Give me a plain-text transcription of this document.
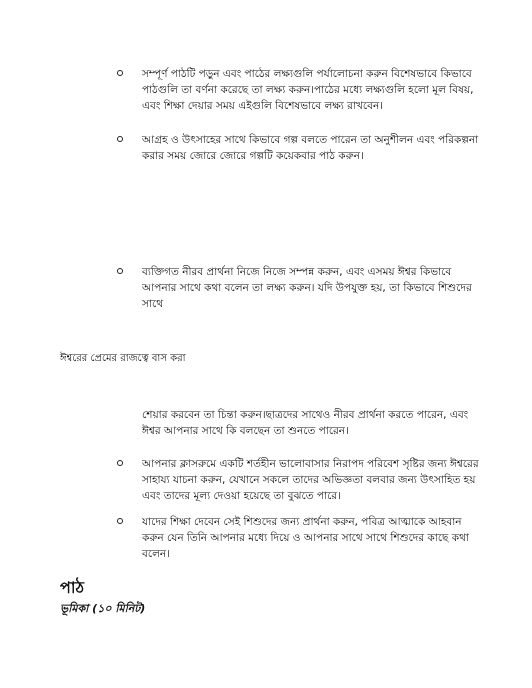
সম্পূর্ণ পাঠটি পড়ুন এবং পাঠের লক্ষ্যগুলি পর্যালোচনা করুন বিশেষভাবে কিভাবে পাঠগুলি তা বর্ণনা করেছে তা লক্ষ্য করুন।পাঠের মধ্যে লক্ষ্যগুলি হলো মূল বিষয়, এবং শিক্ষা দেয়ার সময় এইগুলি বিশেষভাবে লক্ষ্য রাখবেন।
আগ্রহ ও উৎসাহের সাথে কিভাবে গল্প বলতে পারেন তা অনুশীলন এবং পরিকল্পনা করার সময় জোরে জোরে গল্পটি কয়েকবার পাঠ করুন।
ব্যক্তিগত নীরব প্রার্থনা নিজে নিজে সম্পন্ন করুন, এবং এসময় ঈশ্বর কিভাবে আপনার সাথে কথা বলেন তা লক্ষ্য করুন। যদি উপযুক্ত হয়, তা কিভাবে শিশুদের সাথে
ঈশ্বরের প্রেমের রাজত্বে বাস করা
শেয়ার করবেন তা চিন্তা করুন।ছাত্রদের সাথেও নীরব প্রার্থনা করতে পারেন, এবং ঈশ্বর আপনার সাথে কি বলছেন তা শুনতে পারেন।
আপনার ক্লাসরুমে একটি শর্তহীন ভালোবাসার নিরাপদ পরিবেশ সৃষ্টির জন্য ঈশ্বরের সাহায্য যাচনা করুন, যেখানে সকলে তাদের অভিজ্ঞতা বলবার জন্য উৎসাহিত হয় এবং তাদের মূল্য দেওয়া হয়েছে তা বুঝতে পারে।
যাদের শিক্ষা দেবেন সেই শিশুদের জন্য প্রার্থনা করুন, পবিত্র আত্মাকে আহবান করুন যেন তিনি আপনার মধ্যে দিয়ে ও আপনার সাথে সাথে শিশুদের কাছে কথা বলেন।
পাঠ
ভূমিকা (১০ মিনিট)
